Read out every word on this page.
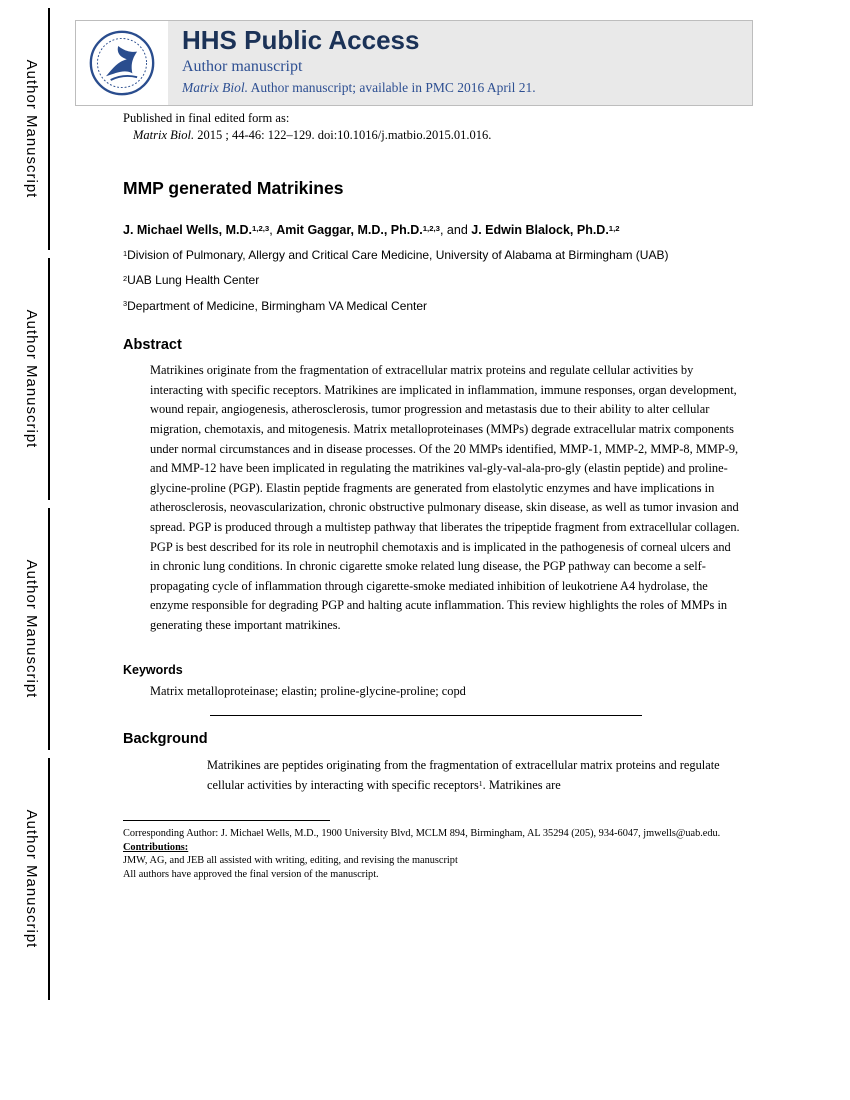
Author Manuscript
Author Manuscript
Author Manuscript
Author Manuscript
HHS Public Access
Author manuscript
Matrix Biol. Author manuscript; available in PMC 2016 April 21.
Published in final edited form as:
Matrix Biol. 2015 ; 44-46: 122–129. doi:10.1016/j.matbio.2015.01.016.
MMP generated Matrikines
J. Michael Wells, M.D.$^{1,2,3}$, Amit Gaggar, M.D., Ph.D.$^{1,2,3}$, and J. Edwin Blalock, Ph.D.$^{1,2}$
$^1$Division of Pulmonary, Allergy and Critical Care Medicine, University of Alabama at Birmingham (UAB)
$^2$UAB Lung Health Center
$^3$Department of Medicine, Birmingham VA Medical Center
Abstract

Matrikines originate from the fragmentation of extracellular matrix proteins and regulate cellular activities by interacting with specific receptors. Matrikines are implicated in inflammation, immune responses, organ development, wound repair, angiogenesis, atherosclerosis, tumor progression and metastasis due to their ability to alter cellular migration, chemotaxis, and mitogenesis. Matrix metalloproteinases (MMPs) degrade extracellular matrix components under normal circumstances and in disease processes. Of the 20 MMPs identified, MMP-1, MMP-2, MMP-8, MMP-9, and MMP-12 have been implicated in regulating the matrikines val-gly-val-ala-pro-gly (elastin peptide) and proline-glycine-proline (PGP). Elastin peptide fragments are generated from elastolytic enzymes and have implications in atherosclerosis, neovascularization, chronic obstructive pulmonary disease, skin disease, as well as tumor invasion and spread. PGP is produced through a multistep pathway that liberates the tripeptide fragment from extracellular collagen. PGP is best described for its role in neutrophil chemotaxis and is implicated in the pathogenesis of corneal ulcers and in chronic lung conditions. In chronic cigarette smoke related lung disease, the PGP pathway can become a self-propagating cycle of inflammation through cigarette-smoke mediated inhibition of leukotriene A4 hydrolase, the enzyme responsible for degrading PGP and halting acute inflammation. This review highlights the roles of MMPs in generating these important matrikines.

Keywords

Matrix metalloproteinase; elastin; proline-glycine-proline; copd

Background

Matrikines are peptides originating from the fragmentation of extracellular matrix proteins and regulate cellular activities by interacting with specific receptors$^1$. Matrikines are

Corresponding Author: J. Michael Wells, M.D., 1900 University Blvd, MCLM 894, Birmingham, AL 35294 (205), 934-6047, jmwells@uab.edu.
Contributions:
JMW, AG, and JEB all assisted with writing, editing, and revising the manuscript
All authors have approved the final version of the manuscript.
